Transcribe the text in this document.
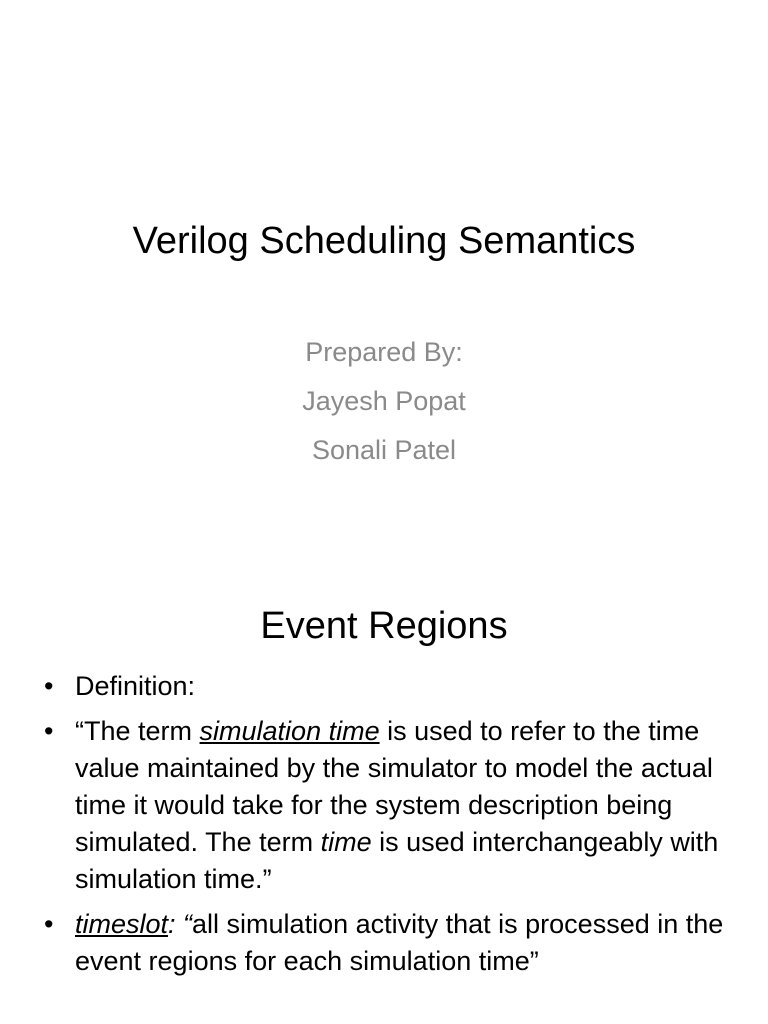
Verilog Scheduling Semantics
Prepared By:
Jayesh Popat
Sonali Patel
Event Regions
• Definition:
• “The term simulation time is used to refer to the time value maintained by the simulator to model the actual time it would take for the system description being simulated. The term time is used interchangeably with simulation time.”
• timeslot: “all simulation activity that is processed in the event regions for each simulation time”
